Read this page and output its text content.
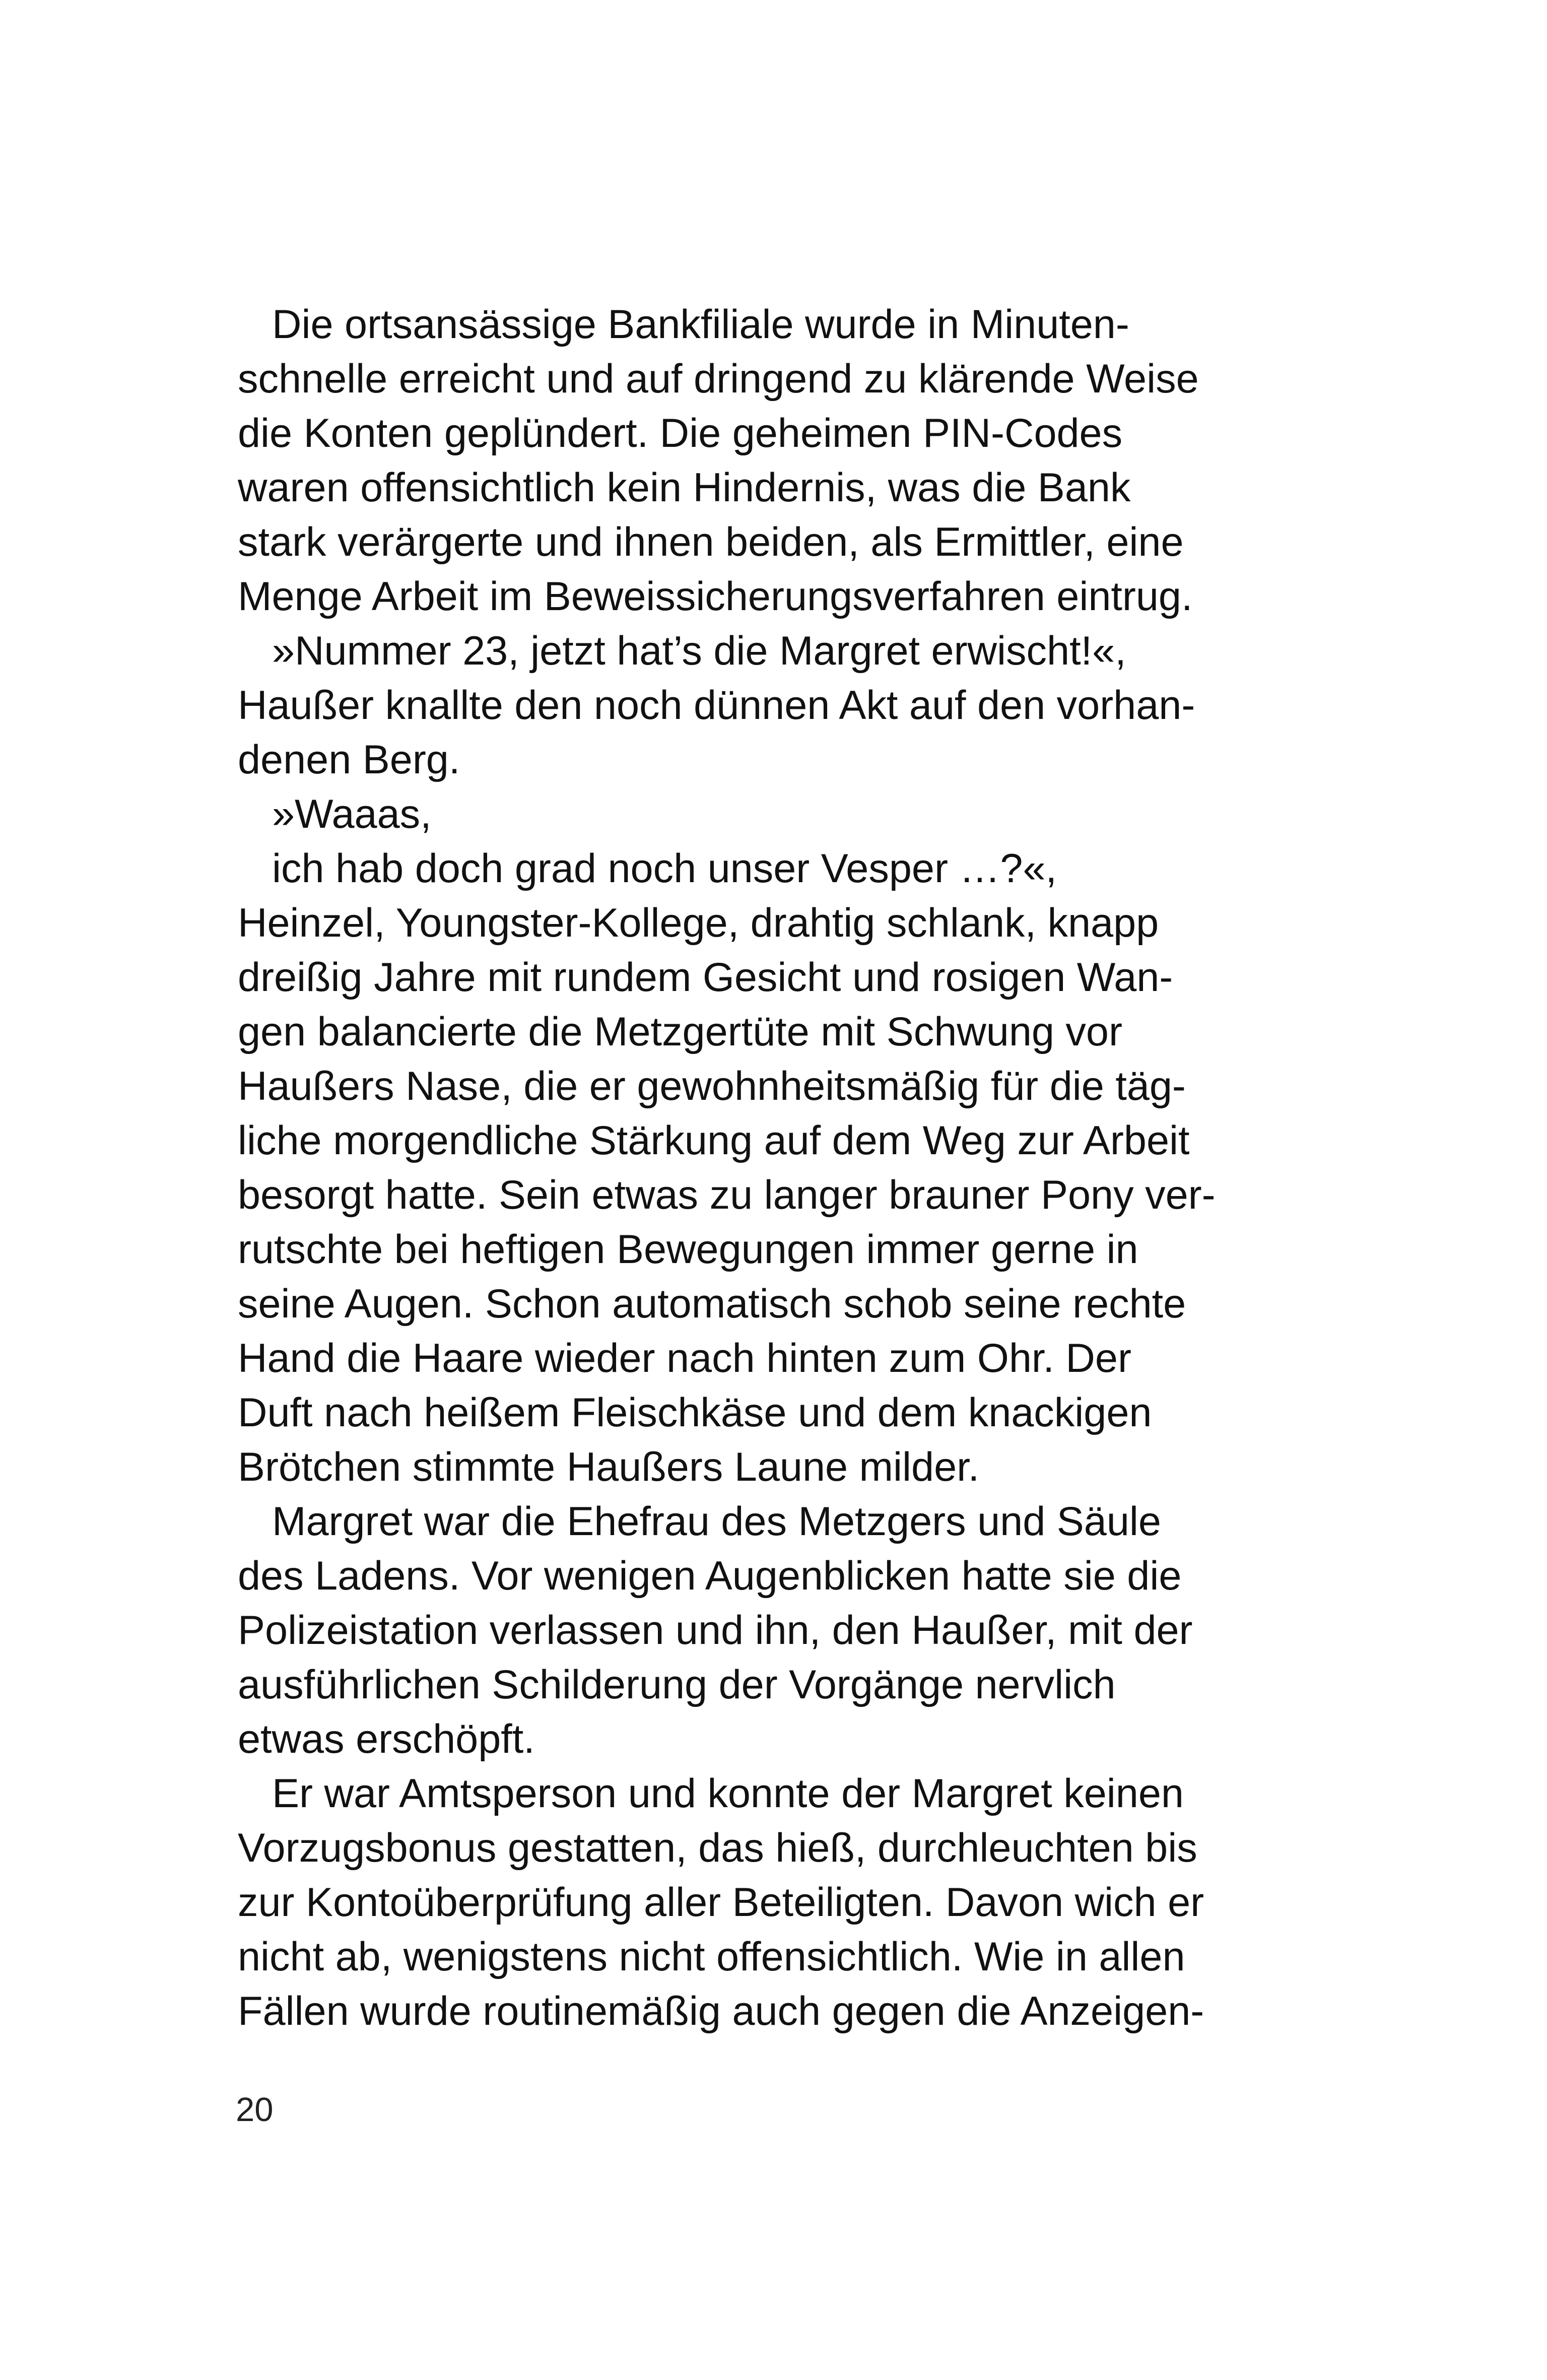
Die ortsansässige Bankfiliale wurde in Minuten-
schnelle erreicht und auf dringend zu klärende Weise
die Konten geplündert. Die geheimen PIN-Codes
waren offensichtlich kein Hindernis, was die Bank
stark verärgerte und ihnen beiden, als Ermittler, eine
Menge Arbeit im Beweissicherungsverfahren eintrug.
»Nummer 23, jetzt hat’s die Margret erwischt!«,
Haußer knallte den noch dünnen Akt auf den vorhan-
denen Berg.
»Waaas,
ich hab doch grad noch unser Vesper …?«,
Heinzel, Youngster-Kollege, drahtig schlank, knapp
dreißig Jahre mit rundem Gesicht und rosigen Wan-
gen balancierte die Metzgertüte mit Schwung vor
Haußers Nase, die er gewohnheitsmäßig für die täg-
liche morgendliche Stärkung auf dem Weg zur Arbeit
besorgt hatte. Sein etwas zu langer brauner Pony ver-
rutschte bei heftigen Bewegungen immer gerne in
seine Augen. Schon automatisch schob seine rechte
Hand die Haare wieder nach hinten zum Ohr. Der
Duft nach heißem Fleischkäse und dem knackigen
Brötchen stimmte Haußers Laune milder.
Margret war die Ehefrau des Metzgers und Säule
des Ladens. Vor wenigen Augenblicken hatte sie die
Polizeistation verlassen und ihn, den Haußer, mit der
ausführlichen Schilderung der Vorgänge nervlich
etwas erschöpft.
Er war Amtsperson und konnte der Margret keinen
Vorzugsbonus gestatten, das hieß, durchleuchten bis
zur Kontoüberprüfung aller Beteiligten. Davon wich er
nicht ab, wenigstens nicht offensichtlich. Wie in allen
Fällen wurde routinemäßig auch gegen die Anzeigen-
20
